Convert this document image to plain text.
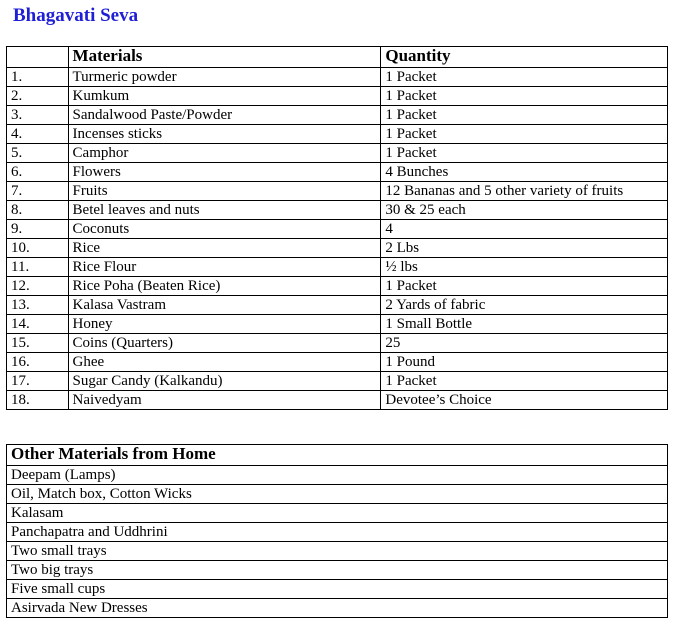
Bhagavati Seva
	Materials	Quantity
1.	Turmeric powder	1 Packet
2.	Kumkum	1 Packet
3.	Sandalwood Paste/Powder	1 Packet
4.	Incenses sticks	1 Packet
5.	Camphor	1 Packet
6.	Flowers	4 Bunches
7.	Fruits	12 Bananas and 5 other variety of fruits
8.	Betel leaves and nuts	30 & 25 each
9.	Coconuts	4
10.	Rice	2 Lbs
11.	Rice Flour	½ lbs
12.	Rice Poha (Beaten Rice)	1 Packet
13.	Kalasa Vastram	2 Yards of fabric
14.	Honey	1 Small Bottle
15.	Coins (Quarters)	25
16.	Ghee	1 Pound
17.	Sugar Candy (Kalkandu)	1 Packet
18.	Naivedyam	Devotee’s Choice
Other Materials from Home
Deepam (Lamps)
Oil, Match box, Cotton Wicks
Kalasam
Panchapatra and Uddhrini
Two small trays
Two big trays
Five small cups
Asirvada New Dresses
